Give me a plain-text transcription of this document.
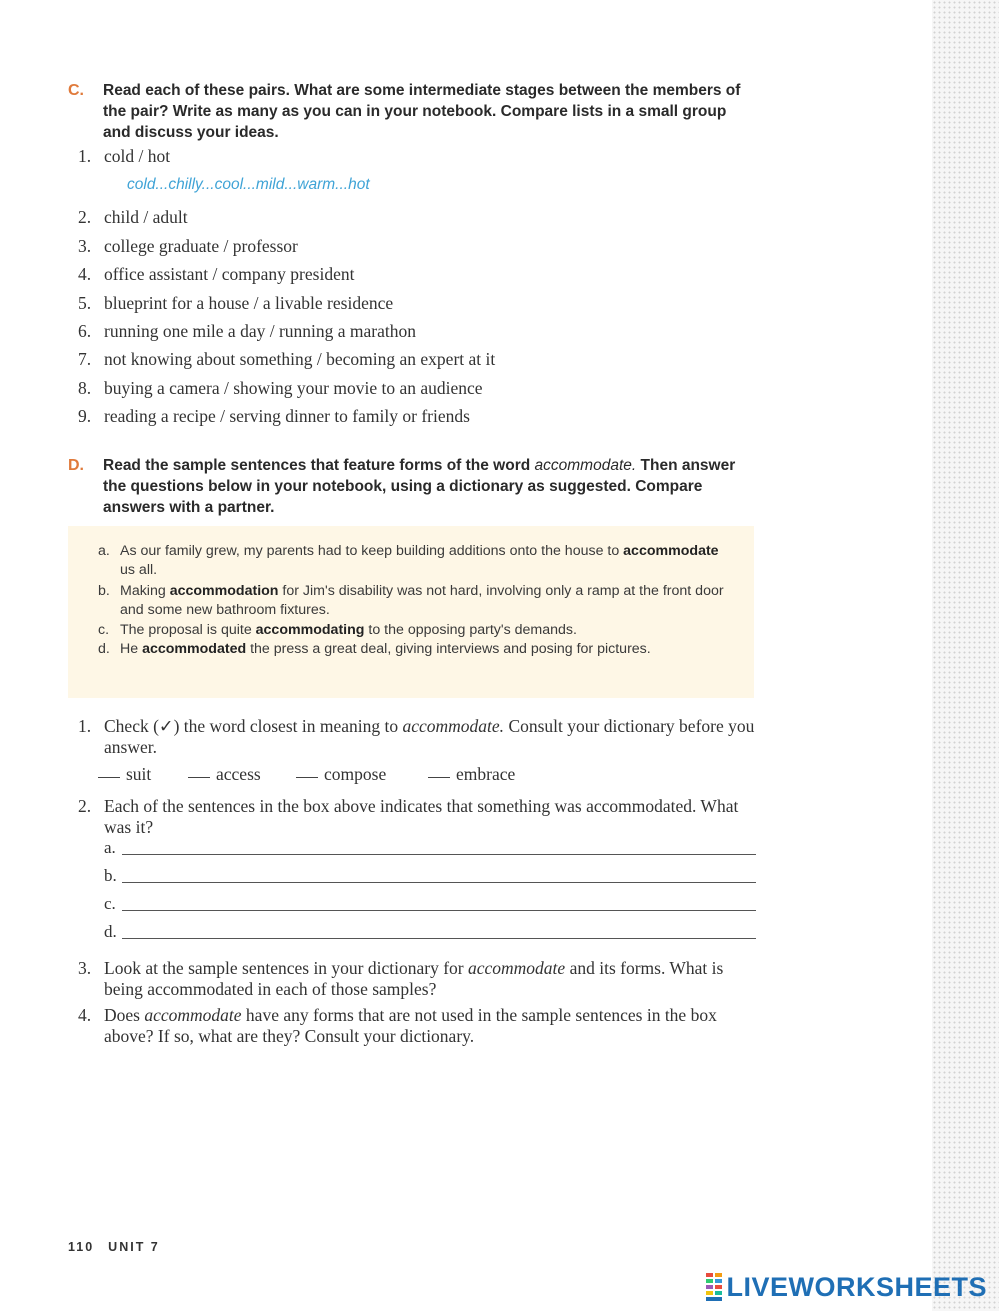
C. Read each of these pairs. What are some intermediate stages between the members of the pair? Write as many as you can in your notebook. Compare lists in a small group and discuss your ideas.
1. cold / hot
cold...chilly...cool...mild...warm...hot
2. child / adult
3. college graduate / professor
4. office assistant / company president
5. blueprint for a house / a livable residence
6. running one mile a day / running a marathon
7. not knowing about something / becoming an expert at it
8. buying a camera / showing your movie to an audience
9. reading a recipe / serving dinner to family or friends
D. Read the sample sentences that feature forms of the word accommodate. Then answer the questions below in your notebook, using a dictionary as suggested. Compare answers with a partner.
a. As our family grew, my parents had to keep building additions onto the house to accommodate us all.
b. Making accommodation for Jim's disability was not hard, involving only a ramp at the front door and some new bathroom fixtures.
c. The proposal is quite accommodating to the opposing party's demands.
d. He accommodated the press a great deal, giving interviews and posing for pictures.
1. Check (✓) the word closest in meaning to accommodate. Consult your dictionary before you answer.
suit	access	compose	embrace
2. Each of the sentences in the box above indicates that something was accommodated. What was it?
a.
b.
c.
d.
3. Look at the sample sentences in your dictionary for accommodate and its forms. What is being accommodated in each of those samples?
4. Does accommodate have any forms that are not used in the sample sentences in the box above? If so, what are they? Consult your dictionary.
110 UNIT 7
LIVEWORKSHEETS
